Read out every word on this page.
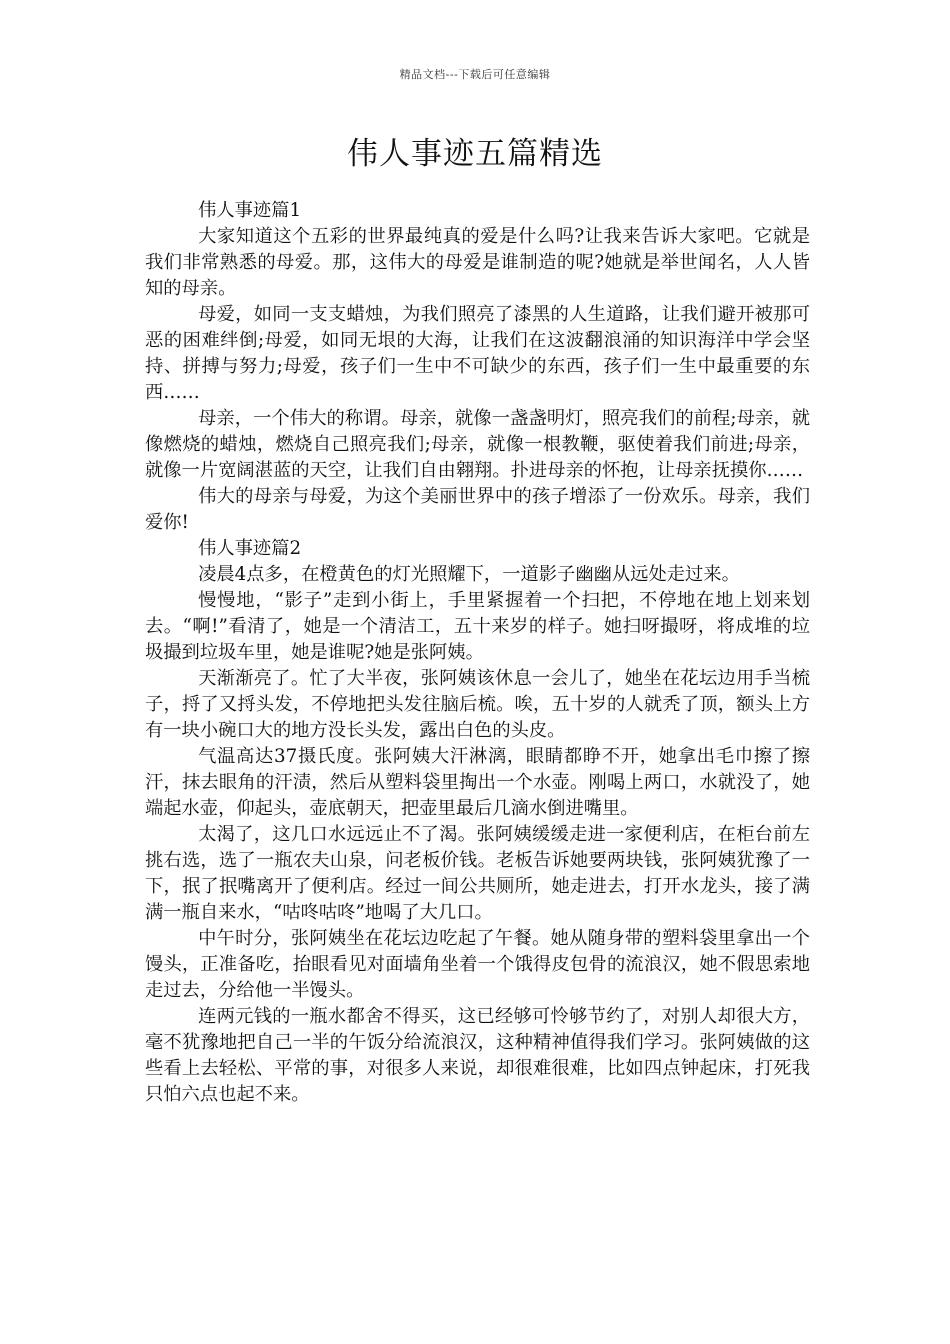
精品文档---下载后可任意编辑
伟人事迹五篇精选

伟人事迹篇1

大家知道这个五彩的世界最纯真的爱是什么吗?让我来告诉大家吧。它就是我们非常熟悉的母爱。那，这伟大的母爱是谁制造的呢?她就是举世闻名，人人皆知的母亲。

母爱，如同一支支蜡烛，为我们照亮了漆黑的人生道路，让我们避开被那可恶的困难绊倒;母爱，如同无垠的大海，让我们在这波翻浪涌的知识海洋中学会坚持、拼搏与努力;母爱，孩子们一生中不可缺少的东西，孩子们一生中最重要的东西……

母亲，一个伟大的称谓。母亲，就像一盏盏明灯，照亮我们的前程;母亲，就像燃烧的蜡烛，燃烧自己照亮我们;母亲，就像一根教鞭，驱使着我们前进;母亲，就像一片宽阔湛蓝的天空，让我们自由翱翔。扑进母亲的怀抱，让母亲抚摸你……

伟大的母亲与母爱，为这个美丽世界中的孩子增添了一份欢乐。母亲，我们爱你!

伟人事迹篇2

凌晨4点多，在橙黄色的灯光照耀下，一道影子幽幽从远处走过来。

慢慢地，“影子”走到小街上，手里紧握着一个扫把，不停地在地上划来划去。“啊!”看清了，她是一个清洁工，五十来岁的样子。她扫呀撮呀，将成堆的垃圾撮到垃圾车里，她是谁呢?她是张阿姨。

天渐渐亮了。忙了大半夜，张阿姨该休息一会儿了，她坐在花坛边用手当梳子，捋了又捋头发，不停地把头发往脑后梳。唉，五十岁的人就秃了顶，额头上方有一块小碗口大的地方没长头发，露出白色的头皮。

气温高达37摄氏度。张阿姨大汗淋漓，眼睛都睁不开，她拿出毛巾擦了擦汗，抹去眼角的汗渍，然后从塑料袋里掏出一个水壶。刚喝上两口，水就没了，她端起水壶，仰起头，壶底朝天，把壶里最后几滴水倒进嘴里。

太渴了，这几口水远远止不了渴。张阿姨缓缓走进一家便利店，在柜台前左挑右选，选了一瓶农夫山泉，问老板价钱。老板告诉她要两块钱，张阿姨犹豫了一下，抿了抿嘴离开了便利店。经过一间公共厕所，她走进去，打开水龙头，接了满满一瓶自来水，“咕咚咕咚”地喝了大几口。

中午时分，张阿姨坐在花坛边吃起了午餐。她从随身带的塑料袋里拿出一个馒头，正准备吃，抬眼看见对面墙角坐着一个饿得皮包骨的流浪汉，她不假思索地走过去，分给他一半馒头。

连两元钱的一瓶水都舍不得买，这已经够可怜够节约了，对别人却很大方，毫不犹豫地把自己一半的午饭分给流浪汉，这种精神值得我们学习。张阿姨做的这些看上去轻松、平常的事，对很多人来说，却很难很难，比如四点钟起床，打死我只怕六点也起不来。
